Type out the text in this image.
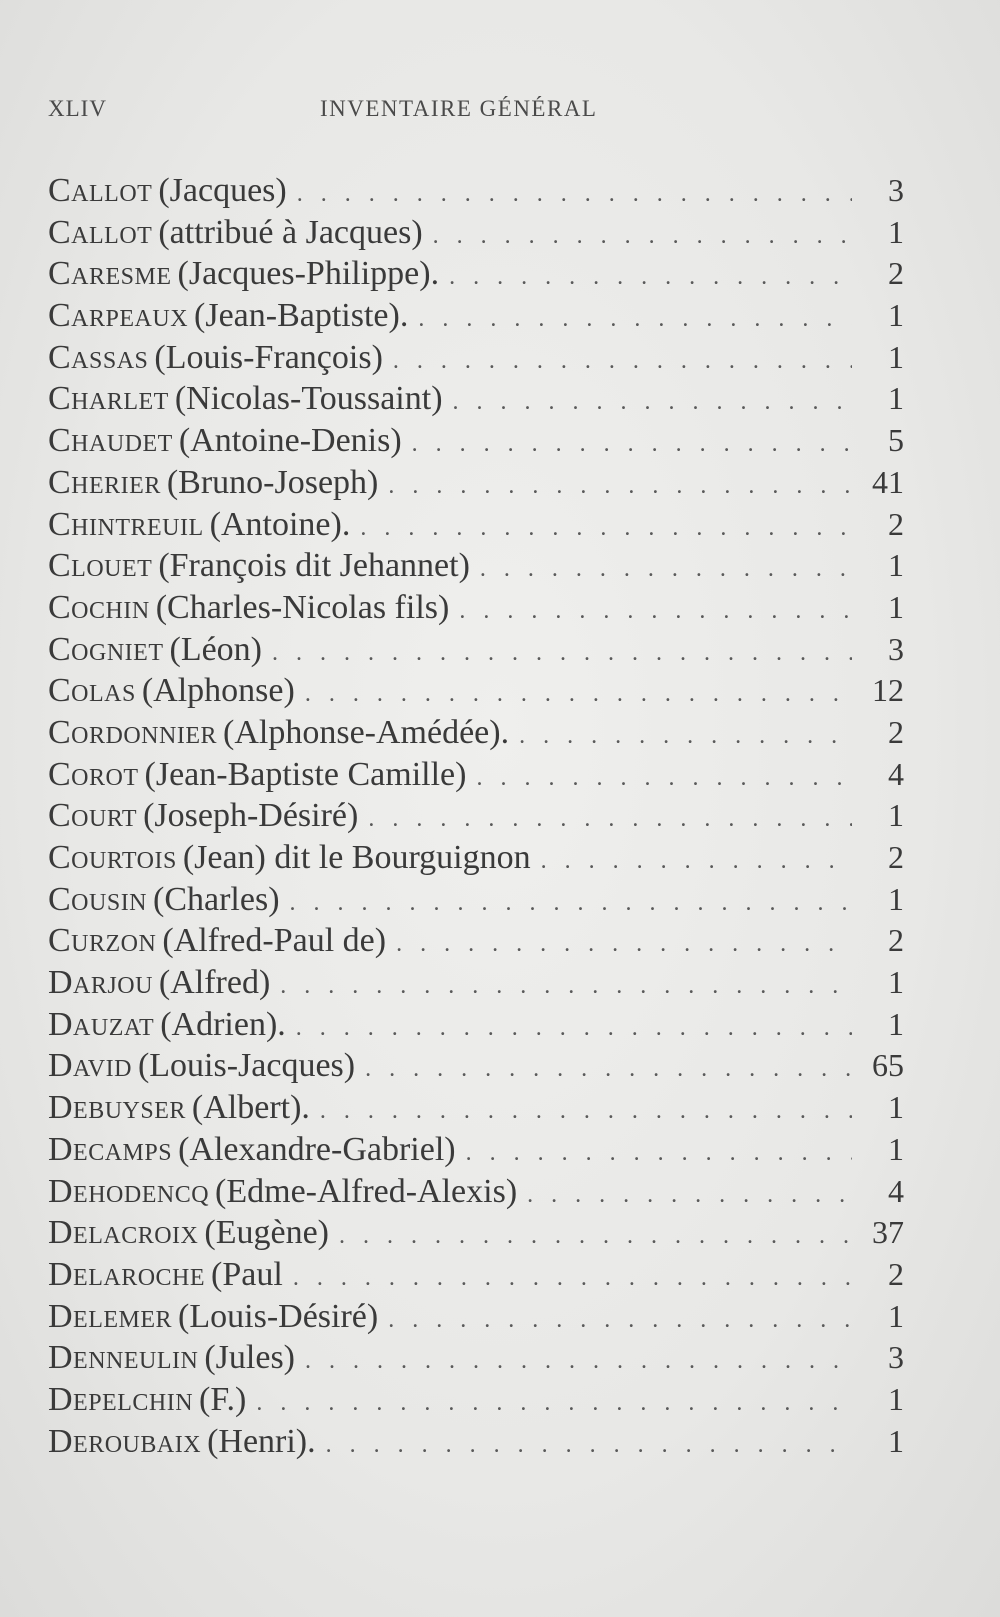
XLIV	INVENTAIRE GÉNÉRAL
Callot (Jacques) . . .	3
Callot (attribué à Jacques) . . .	1
Caresme (Jacques-Philippe). . . .	2
Carpeaux (Jean-Baptiste). . . .	1
Cassas (Louis-François) . . .	1
Charlet (Nicolas-Toussaint) . . .	1
Chaudet (Antoine-Denis) . . .	5
Cherier (Bruno-Joseph) . . .	41
Chintreuil (Antoine). . . .	2
Clouet (François dit Jehannet) . . .	1
Cochin (Charles-Nicolas fils) . . .	1
Cogniet (Léon) . . .	3
Colas (Alphonse) . . .	12
Cordonnier (Alphonse-Amédée). . . .	2
Corot (Jean-Baptiste Camille) . . .	4
Court (Joseph-Désiré) . . .	1
Courtois (Jean) dit le Bourguignon . . .	2
Cousin (Charles) . . .	1
Curzon (Alfred-Paul de) . . .	2
Darjou (Alfred) . . .	1
Dauzat (Adrien). . . .	1
David (Louis-Jacques) . . .	65
Debuyser (Albert). . . .	1
Decamps (Alexandre-Gabriel) . . .	1
Dehodencq (Edme-Alfred-Alexis) . . .	4
Delacroix (Eugène) . . .	37
Delaroche (Paul . . .	2
Delemer (Louis-Désiré) . . .	1
Denneulin (Jules) . . .	3
Depelchin (F.) . . .	1
Deroubaix (Henri). . . .	1
